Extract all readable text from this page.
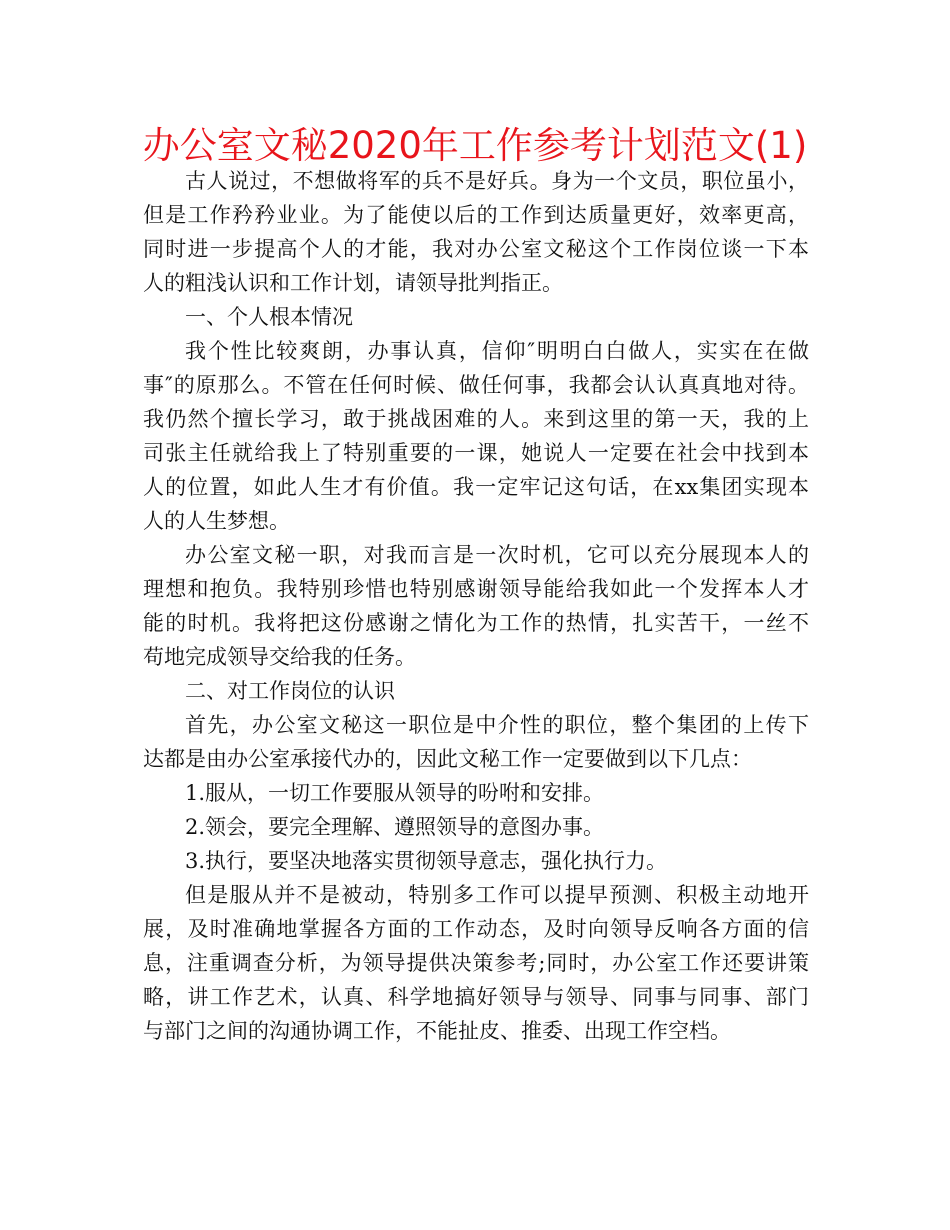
办公室文秘2020年工作参考计划范文(1)
古人说过，不想做将军的兵不是好兵。身为一个文员，职位虽小，
但是工作矜矜业业。为了能使以后的工作到达质量更好，效率更高，
同时进一步提高个人的才能，我对办公室文秘这个工作岗位谈一下本
人的粗浅认识和工作计划，请领导批判指正。
一、个人根本情况
我个性比较爽朗，办事认真，信仰″明明白白做人，实实在在做
事″的原那么。不管在任何时候、做任何事，我都会认认真真地对待。
我仍然个擅长学习，敢于挑战困难的人。来到这里的第一天，我的上
司张主任就给我上了特别重要的一课，她说人一定要在社会中找到本
人的位置，如此人生才有价值。我一定牢记这句话，在xx集团实现本
人的人生梦想。
办公室文秘一职，对我而言是一次时机，它可以充分展现本人的
理想和抱负。我特别珍惜也特别感谢领导能给我如此一个发挥本人才
能的时机。我将把这份感谢之情化为工作的热情，扎实苦干，一丝不
苟地完成领导交给我的任务。
二、对工作岗位的认识
首先，办公室文秘这一职位是中介性的职位，整个集团的上传下
达都是由办公室承接代办的，因此文秘工作一定要做到以下几点：
1.服从，一切工作要服从领导的吩咐和安排。
2.领会，要完全理解、遵照领导的意图办事。
3.执行，要坚决地落实贯彻领导意志，强化执行力。
但是服从并不是被动，特别多工作可以提早预测、积极主动地开
展，及时准确地掌握各方面的工作动态，及时向领导反响各方面的信
息，注重调查分析，为领导提供决策参考;同时，办公室工作还要讲策
略，讲工作艺术，认真、科学地搞好领导与领导、同事与同事、部门
与部门之间的沟通协调工作，不能扯皮、推委、出现工作空档。
